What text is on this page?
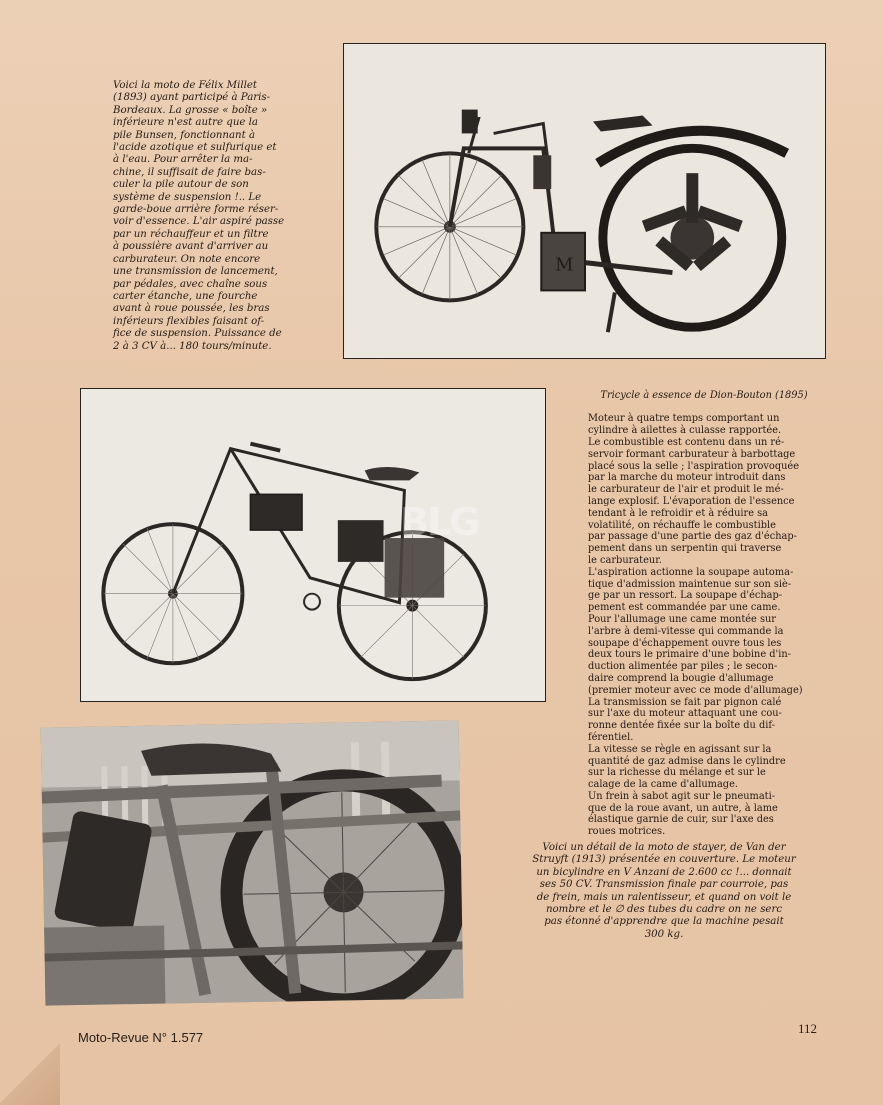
Voici la moto de Félix Millet
(1893) ayant participé à Paris-
Bordeaux. La grosse « boîte »
inférieure n'est autre que la
pile Bunsen, fonctionnant à
l'acide azotique et sulfurique et
à l'eau. Pour arrêter la ma-
chine, il suffisait de faire bas-
culer la pile autour de son
système de suspension !.. Le
garde-boue arrière forme réser-
voir d'essence. L'air aspiré passe
par un réchauffeur et un filtre
à poussière avant d'arriver au
carburateur. On note encore
une transmission de lancement,
par pédales, avec chaîne sous
carter étanche, une fourche
avant à roue poussée, les bras
inférieurs flexibles faisant of-
fice de suspension. Puissance de
2 à 3 CV à... 180 tours/minute.
M
BLG

Tricycle à essence de Dion-Bouton (1895)

Moteur à quatre temps comportant un
cylindre à ailettes à culasse rapportée.
Le combustible est contenu dans un ré-
servoir formant carburateur à barbottage
placé sous la selle ; l'aspiration provoquée
par la marche du moteur introduit dans
le carburateur de l'air et produit le mé-
lange explosif. L'évaporation de l'essence
tendant à le refroidir et à réduire sa
volatilité, on réchauffe le combustible
par passage d'une partie des gaz d'échap-
pement dans un serpentin qui traverse
le carburateur.
L'aspiration actionne la soupape automa-
tique d'admission maintenue sur son siè-
ge par un ressort. La soupape d'échap-
pement est commandée par une came.
Pour l'allumage une came montée sur
l'arbre à demi-vitesse qui commande la
soupape d'échappement ouvre tous les
deux tours le primaire d'une bobine d'in-
duction alimentée par piles ; le secon-
daire comprend la bougie d'allumage
(premier moteur avec ce mode d'allumage)
La transmission se fait par pignon calé
sur l'axe du moteur attaquant une cou-
ronne dentée fixée sur la boîte du dif-
férentiel.
La vitesse se règle en agissant sur la
quantité de gaz admise dans le cylindre
sur la richesse du mélange et sur le
calage de la came d'allumage.
Un frein à sabot agit sur le pneumati-
que de la roue avant, un autre, à lame
élastique garnie de cuir, sur l'axe des
roues motrices.

Voici un détail de la moto de stayer, de Van der
Struyft (1913) présentée en couverture. Le moteur
un bicylindre en V Anzani de 2.600 cc !... donnait
ses 50 CV. Transmission finale par courroie, pas
de frein, mais un ralentisseur, et quand on voit le
nombre et le ∅ des tubes du cadre on ne serc
pas étonné d'apprendre que la machine pesait
300 kg.
Moto-Revue N° 1.577
112
